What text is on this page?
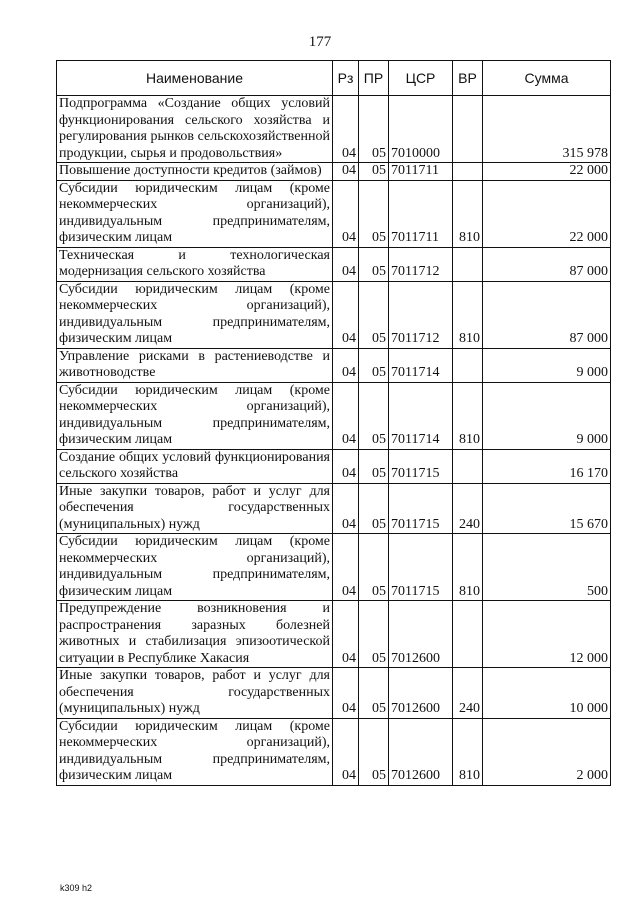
177
Наименование	Рз	ПР	ЦСР	ВР	Сумма
Подпрограмма «Создание общих условий функционирования сельского хозяйства и регулирования рынков сельскохозяйственной продукции, сырья и продовольствия»	04	05	7010000		315 978
Повышение доступности кредитов (займов)	04	05	7011711		22 000
Субсидии юридическим лицам (кроме некоммерческих организаций), индивидуальным предпринимателям, физическим лицам	04	05	7011711	810	22 000
Техническая и технологическая модернизация сельского хозяйства	04	05	7011712		87 000
Субсидии юридическим лицам (кроме некоммерческих организаций), индивидуальным предпринимателям, физическим лицам	04	05	7011712	810	87 000
Управление рисками в растениеводстве и животноводстве	04	05	7011714		9 000
Субсидии юридическим лицам (кроме некоммерческих организаций), индивидуальным предпринимателям, физическим лицам	04	05	7011714	810	9 000
Создание общих условий функционирования сельского хозяйства	04	05	7011715		16 170
Иные закупки товаров, работ и услуг для обеспечения государственных (муниципальных) нужд	04	05	7011715	240	15 670
Субсидии юридическим лицам (кроме некоммерческих организаций), индивидуальным предпринимателям, физическим лицам	04	05	7011715	810	500
Предупреждение возникновения и распространения заразных болезней животных и стабилизация эпизоотической ситуации в Республике Хакасия	04	05	7012600		12 000
Иные закупки товаров, работ и услуг для обеспечения государственных (муниципальных) нужд	04	05	7012600	240	10 000
Субсидии юридическим лицам (кроме некоммерческих организаций), индивидуальным предпринимателям, физическим лицам	04	05	7012600	810	2 000
k309 h2
